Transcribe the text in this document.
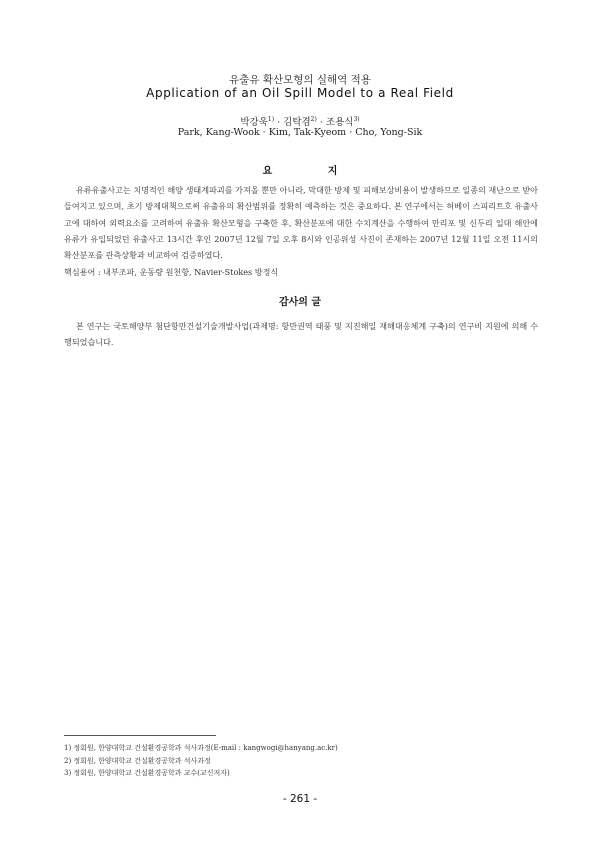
유출유 확산모형의 실해역 적용
Application of an Oil Spill Model to a Real Field
박강욱$^{1)}$ · 김탁겸$^{2)}$ · 조용식$^{3)}$
Park, Kang-Wook · Kim, Tak-Kyeom · Cho, Yong-Sik
요 지
유류유출사고는 치명적인 해양 생태계파괴를 가져올 뿐만 아니라, 막대한 방제 및 피해보상비용이 발생하므로 일종의 재난으로 받아들여지고 있으며, 초기 방제대책으로써 유출유의 확산범위를 정확히 예측하는 것은 중요하다. 본 연구에서는 허베이 스피리트호 유출사고에 대하여 외력요소를 고려하여 유출유 확산모형을 구축한 후, 확산분포에 대한 수치계산을 수행하여 만리포 및 신두리 일대 해안에 유류가 유입되었던 유출사고 13시간 후인 2007년 12월 7일 오후 8시와 인공위성 사진이 존재하는 2007년 12월 11일 오전 11시의 확산분포를 관측상황과 비교하여 검증하였다.
핵심용어 : 내부조파, 운동량 원천항, Navier-Stokes 방정식
감사의 글
본 연구는 국토해양부 첨단항만건설기술개발사업(과제명: 항만권역 태풍 및 지진해일 재해대응체계 구축)의 연구비 지원에 의해 수행되었습니다.
1) 정회원, 한양대학교 건설환경공학과 석사과정(E-mail : kangwogi@hanyang.ac.kr)
2) 정회원, 한양대학교 건설환경공학과 석사과정
3) 정회원, 한양대학교 건설환경공학과 교수(교신저자)
- 261 -
